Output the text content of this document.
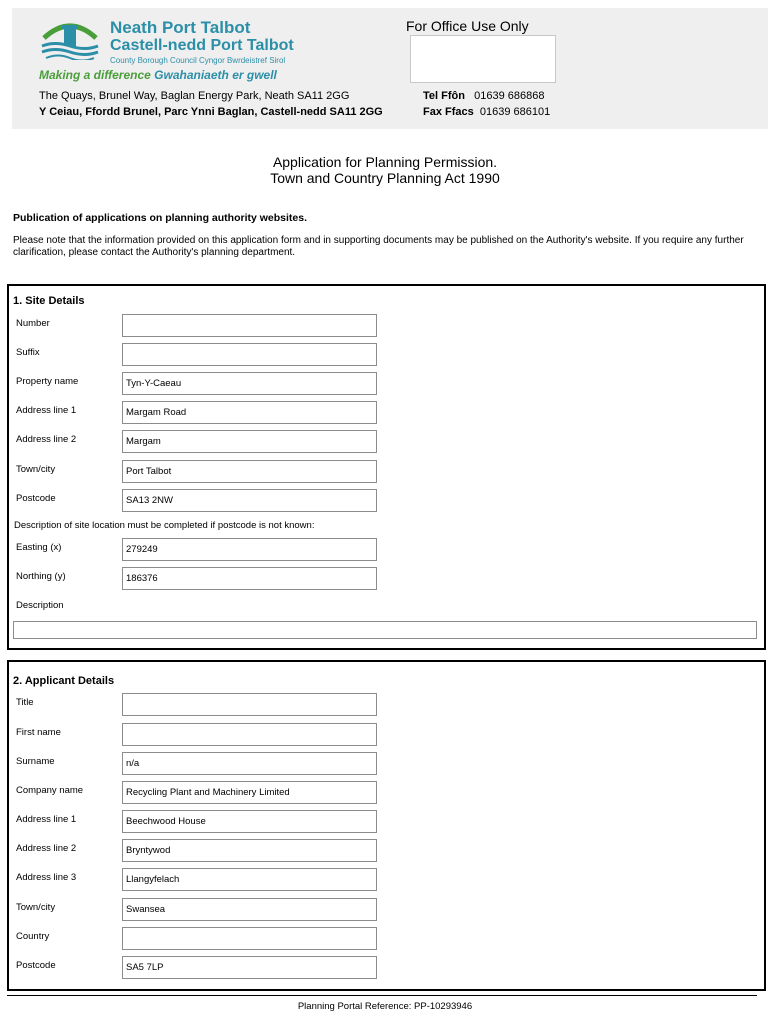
Neath Port Talbot
Castell-nedd Port Talbot
County Borough Council Cyngor Bwrdeistref Sirol
Making a difference Gwahaniaeth er gwell
The Quays, Brunel Way, Baglan Energy Park, Neath SA11 2GG
Y Ceiau, Ffordd Brunel, Parc Ynni Baglan, Castell-nedd SA11 2GG
For Office Use Only
Tel Ffôn 01639 686868
Fax Ffacs 01639 686101
Application for Planning Permission.
Town and Country Planning Act 1990
Publication of applications on planning authority websites.
Please note that the information provided on this application form and in supporting documents may be published on the Authority's website. If you require any further clarification, please contact the Authority's planning department.
1. Site Details
Number
Suffix
Property name	Tyn-Y-Caeau
Address line 1	Margam Road
Address line 2	Margam
Town/city	Port Talbot
Postcode	SA13 2NW
Description of site location must be completed if postcode is not known:
Easting (x)	279249
Northing (y)	186376
Description
2. Applicant Details
Title
First name
Surname	n/a
Company name	Recycling Plant and Machinery Limited
Address line 1	Beechwood House
Address line 2	Bryntywod
Address line 3	Llangyfelach
Town/city	Swansea
Country
Postcode	SA5 7LP
Planning Portal Reference: PP-10293946
